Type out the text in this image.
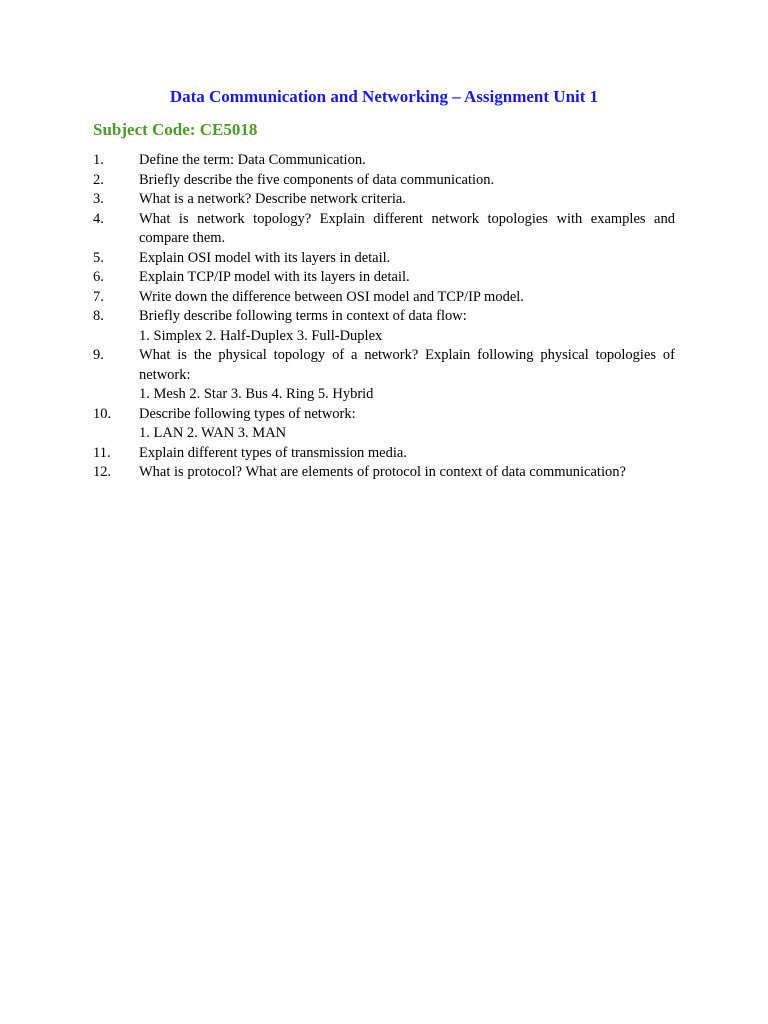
Data Communication and Networking – Assignment Unit 1
Subject Code: CE5018
1. Define the term: Data Communication.
2. Briefly describe the five components of data communication.
3. What is a network? Describe network criteria.
4. What is network topology? Explain different network topologies with examples and compare them.
5. Explain OSI model with its layers in detail.
6. Explain TCP/IP model with its layers in detail.
7. Write down the difference between OSI model and TCP/IP model.
8. Briefly describe following terms in context of data flow:
1. Simplex 2. Half-Duplex 3. Full-Duplex
9. What is the physical topology of a network? Explain following physical topologies of network:
1. Mesh 2. Star 3. Bus 4. Ring 5. Hybrid
10. Describe following types of network:
1. LAN 2. WAN 3. MAN
11. Explain different types of transmission media.
12. What is protocol? What are elements of protocol in context of data communication?
